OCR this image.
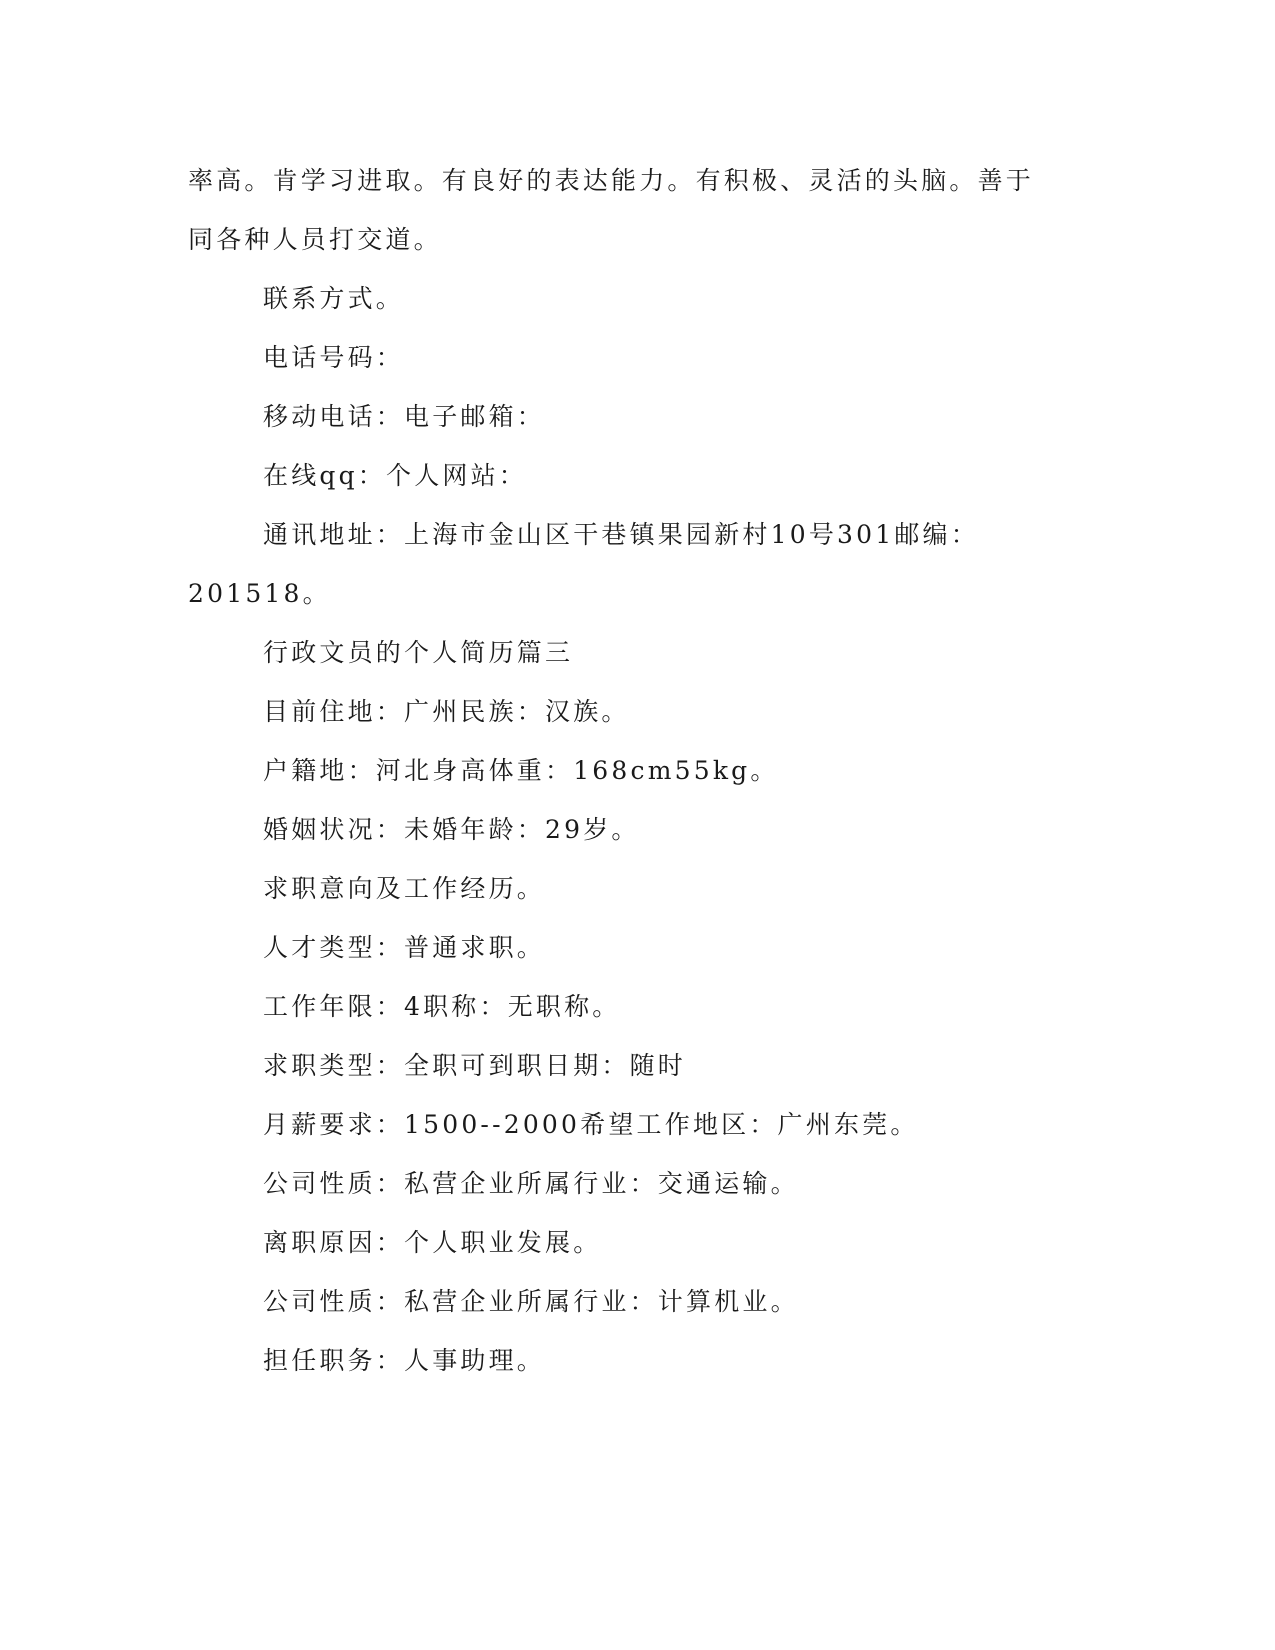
率高。肯学习进取。有良好的表达能力。有积极、灵活的头脑。善于
同各种人员打交道。
联系方式。
电话号码：
移动电话：电子邮箱：
在线qq：个人网站：
通讯地址：上海市金山区干巷镇果园新村10号301邮编：
201518。
行政文员的个人简历篇三
目前住地：广州民族：汉族。
户籍地：河北身高体重：168cm55kg。
婚姻状况：未婚年龄：29岁。
求职意向及工作经历。
人才类型：普通求职。
工作年限：4职称：无职称。
求职类型：全职可到职日期：随时
月薪要求：1500--2000希望工作地区：广州东莞。
公司性质：私营企业所属行业：交通运输。
离职原因：个人职业发展。
公司性质：私营企业所属行业：计算机业。
担任职务：人事助理。
